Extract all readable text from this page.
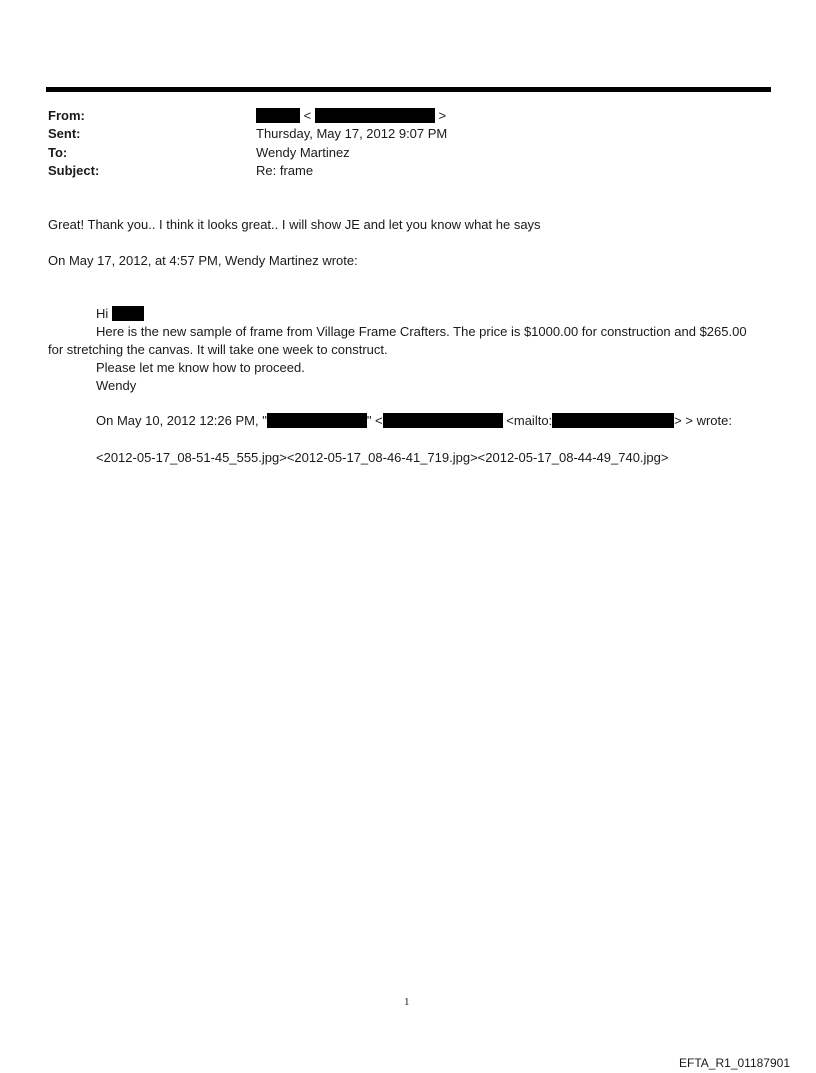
From:	<	>
Sent:	Thursday, May 17, 2012 9:07 PM
To:	Wendy Martinez
Subject:	Re: frame
Great! Thank you.. I think it looks great.. I will show JE and let you know what he says
On May 17, 2012, at 4:57 PM, Wendy Martinez wrote:
Hi
Here is the new sample of frame from Village Frame Crafters. The price is $1000.00 for construction and $265.00
for stretching the canvas. It will take one week to construct.
Please let me know how to proceed.
Wendy
On May 10, 2012 12:26 PM, "	" <	<mailto:	> > wrote:
<2012-05-17_08-51-45_555.jpg><2012-05-17_08-46-41_719.jpg><2012-05-17_08-44-49_740.jpg>
1
EFTA_R1_01187901
